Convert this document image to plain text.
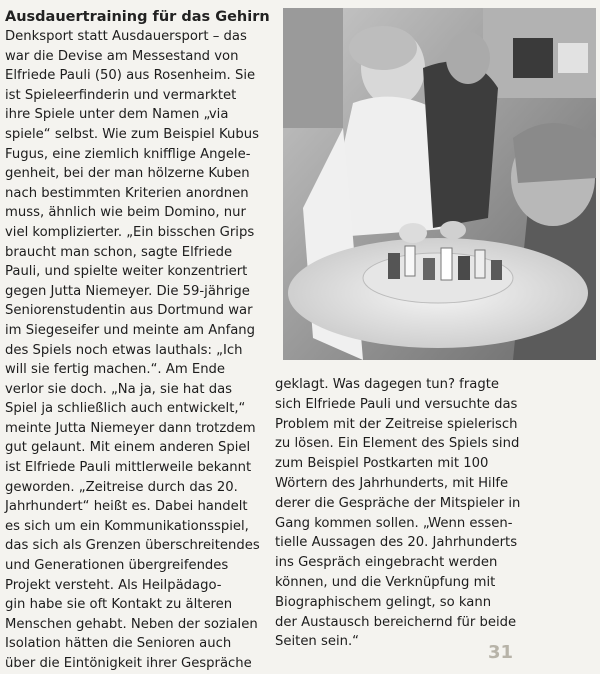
Ausdauertraining für das Gehirn
Denksport statt Ausdauersport – das
war die Devise am Messestand von
Elfriede Pauli (50) aus Rosenheim. Sie
ist Spieleerfinderin und vermarktet
ihre Spiele unter dem Namen „via
spiele“ selbst. Wie zum Beispiel Kubus
Fugus, eine ziemlich knifflige Angele-
genheit, bei der man hölzerne Kuben
nach bestimmten Kriterien anordnen
muss, ähnlich wie beim Domino, nur
viel komplizierter. „Ein bisschen Grips
braucht man schon, sagte Elfriede
Pauli, und spielte weiter konzentriert
gegen Jutta Niemeyer. Die 59-jährige
Seniorenstudentin aus Dortmund war
im Siegeseifer und meinte am Anfang
des Spiels noch etwas lauthals: „Ich
will sie fertig machen.“. Am Ende
verlor sie doch. „Na ja, sie hat das
Spiel ja schließlich auch entwickelt,“
meinte Jutta Niemeyer dann trotzdem
gut gelaunt. Mit einem anderen Spiel
ist Elfriede Pauli mittlerweile bekannt
geworden. „Zeitreise durch das 20.
Jahrhundert“ heißt es. Dabei handelt
es sich um ein Kommunikationsspiel,
das sich als Grenzen überschreitendes
und Generationen übergreifendes
Projekt versteht. Als Heilpädago-
gin habe sie oft Kontakt zu älteren
Menschen gehabt. Neben der sozialen
Isolation hätten die Senioren auch
über die Eintönigkeit ihrer Gespräche
geklagt. Was dagegen tun? fragte
sich Elfriede Pauli und versuchte das
Problem mit der Zeitreise spielerisch
zu lösen. Ein Element des Spiels sind
zum Beispiel Postkarten mit 100
Wörtern des Jahrhunderts, mit Hilfe
derer die Gespräche der Mitspieler in
Gang kommen sollen. „Wenn essen-
tielle Aussagen des 20. Jahrhunderts
ins Gespräch eingebracht werden
können, und die Verknüpfung mit
Biographischem gelingt, so kann
der Austausch bereichernd für beide
Seiten sein.“
31
